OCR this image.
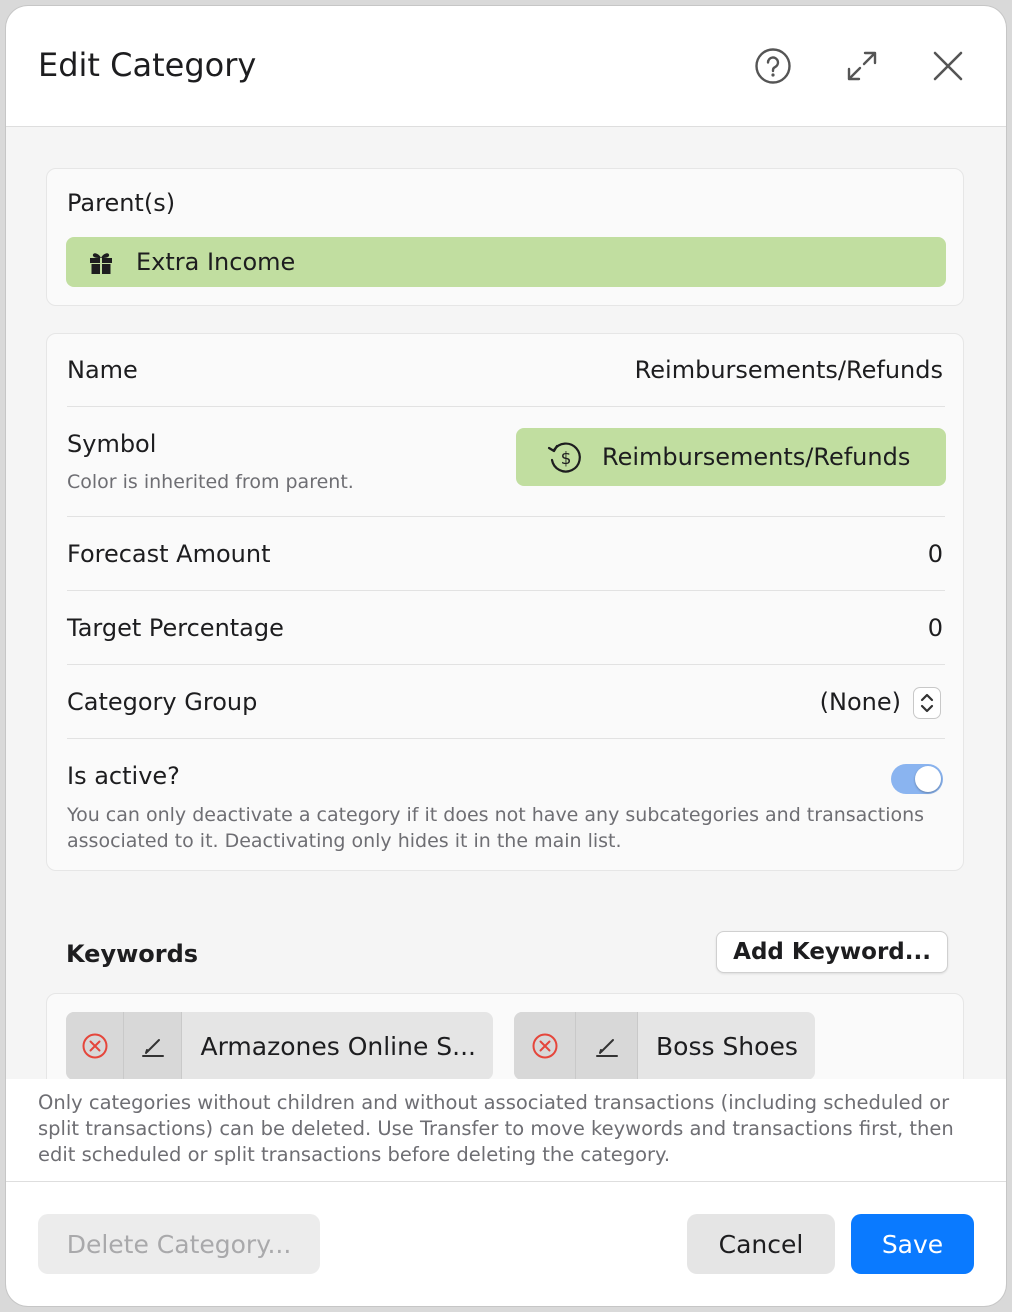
Edit Category
Parent(s)
Extra Income
Name	Reimbursements/Refunds
Symbol
Color is inherited from parent.
$ Reimbursements/Refunds
Forecast Amount	0
Target Percentage	0
Category Group	(None)
Is active?
You can only deactivate a category if it does not have any subcategories and transactions associated to it. Deactivating only hides it in the main list.
Keywords	Add Keyword...
Armazones Online S...	Boss Shoes
Only categories without children and without associated transactions (including scheduled or split transactions) can be deleted. Use Transfer to move keywords and transactions first, then edit scheduled or split transactions before deleting the category.
Delete Category...	Cancel	Save
